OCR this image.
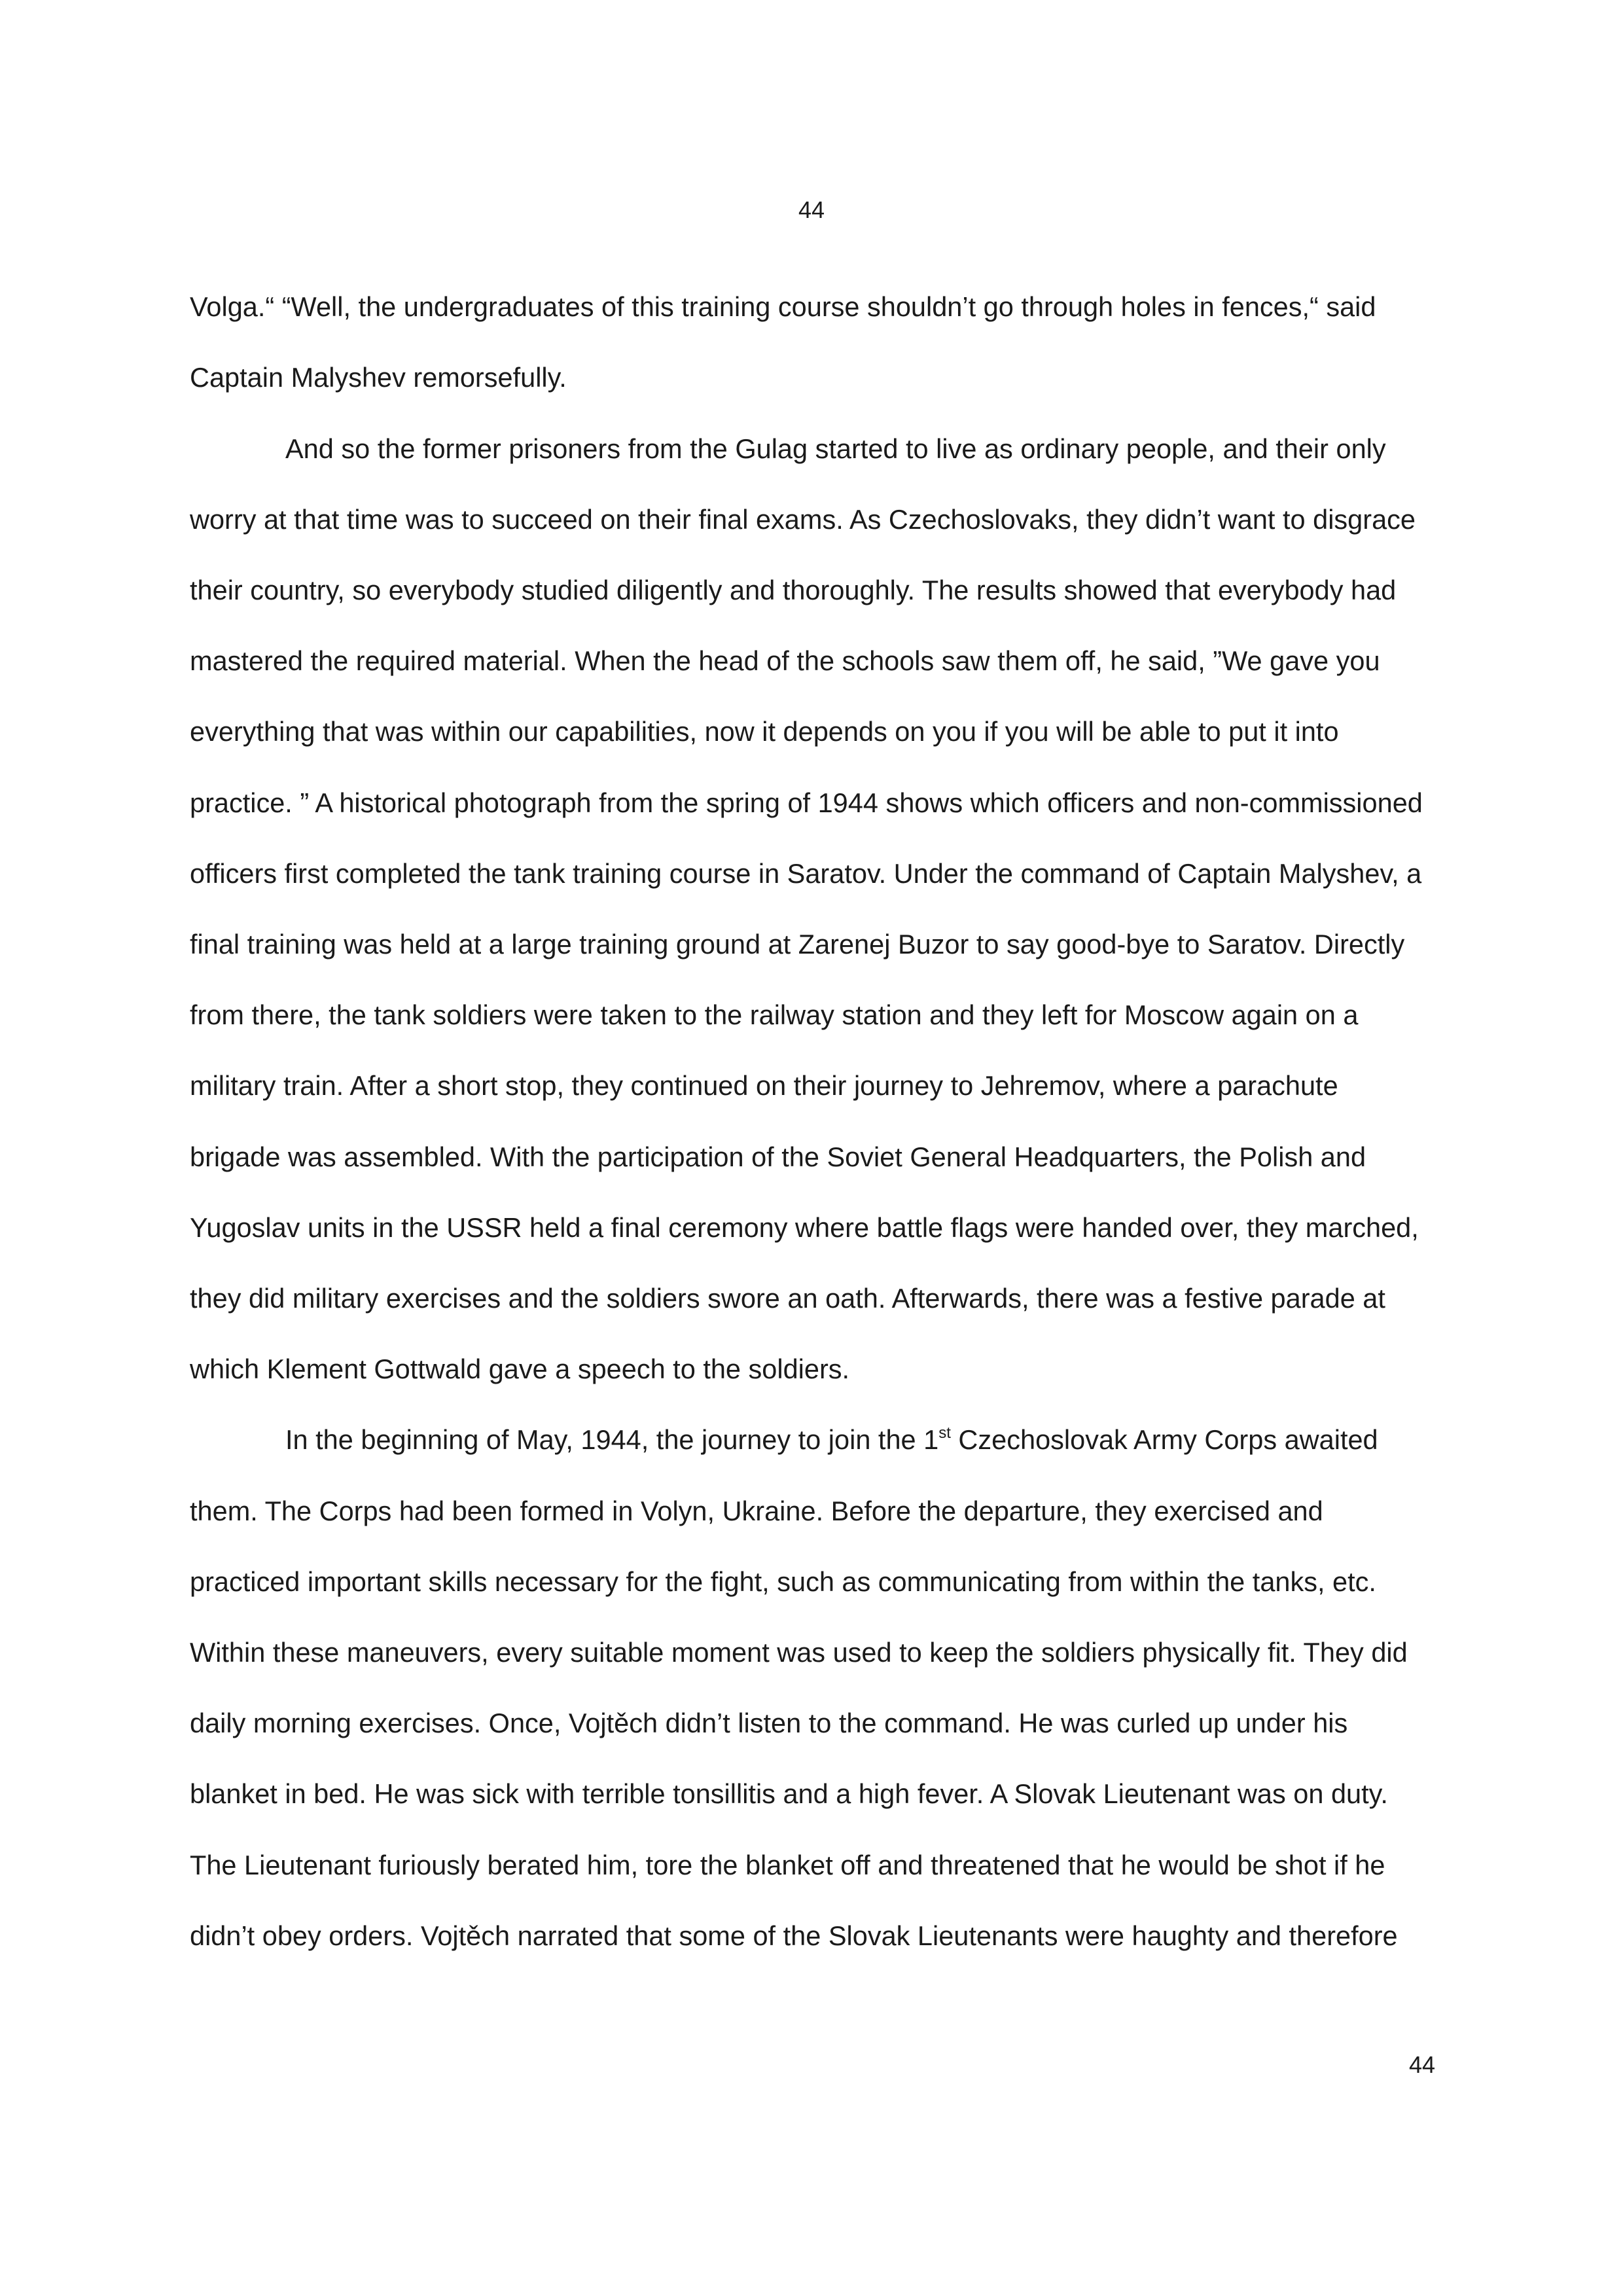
44
Volga.“ “Well, the undergraduates of this training course shouldn’t go through holes in fences,“ said
Captain Malyshev remorsefully.
And so the former prisoners from the Gulag started to live as ordinary people, and their only
worry at that time was to succeed on their final exams. As Czechoslovaks, they didn’t want to disgrace
their country, so everybody studied diligently and thoroughly. The results showed that everybody had
mastered the required material. When the head of the schools saw them off, he said, ”We gave you
everything that was within our capabilities, now it depends on you if you will be able to put it into
practice. ” A historical photograph from the spring of 1944 shows which officers and non-commissioned
officers first completed the tank training course in Saratov. Under the command of Captain Malyshev, a
final training was held at a large training ground at Zarenej Buzor to say good-bye to Saratov. Directly
from there, the tank soldiers were taken to the railway station and they left for Moscow again on a
military train. After a short stop, they continued on their journey to Jehremov, where a parachute
brigade was assembled. With the participation of the Soviet General Headquarters, the Polish and
Yugoslav units in the USSR held a final ceremony where battle flags were handed over, they marched,
they did military exercises and the soldiers swore an oath. Afterwards, there was a festive parade at
which Klement Gottwald gave a speech to the soldiers.
In the beginning of May, 1944, the journey to join the 1st Czechoslovak Army Corps awaited
them. The Corps had been formed in Volyn, Ukraine. Before the departure, they exercised and
practiced important skills necessary for the fight, such as communicating from within the tanks, etc.
Within these maneuvers, every suitable moment was used to keep the soldiers physically fit. They did
daily morning exercises. Once, Vojtěch didn’t listen to the command. He was curled up under his
blanket in bed. He was sick with terrible tonsillitis and a high fever. A Slovak Lieutenant was on duty.
The Lieutenant furiously berated him, tore the blanket off and threatened that he would be shot if he
didn’t obey orders. Vojtěch narrated that some of the Slovak Lieutenants were haughty and therefore
44
